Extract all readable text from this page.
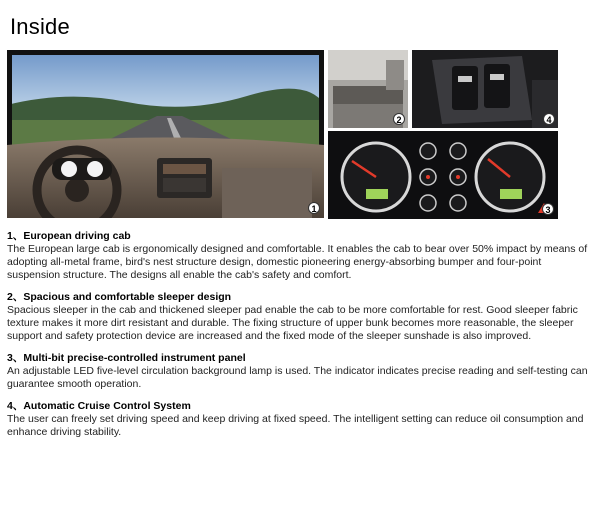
Inside
1
2	4
3
1、European driving cab

The European large cab is ergonomically designed and comfortable. It enables the cab to bear over 50% impact by means of adopting all-metal frame, bird's nest structure design, domestic pioneering energy-absorbing bumper and four-point suspension structure. The designs all enable the cab's safety and comfort.

2、Spacious and comfortable sleeper design

Spacious sleeper in the cab and thickened sleeper pad enable the cab to be more comfortable for rest. Good sleeper fabric texture makes it more dirt resistant and durable. The fixing structure of upper bunk becomes more reasonable, the sleeper support and safety protection device are increased and the fixed mode of the sleeper sunshade is also improved.

3、Multi-bit precise-controlled instrument panel

An adjustable LED five-level circulation background lamp is used. The indicator indicates precise reading and self-testing can guarantee smooth operation.

4、Automatic Cruise Control System

The user can freely set driving speed and keep driving at fixed speed. The intelligent setting can reduce oil consumption and enhance driving stability.
